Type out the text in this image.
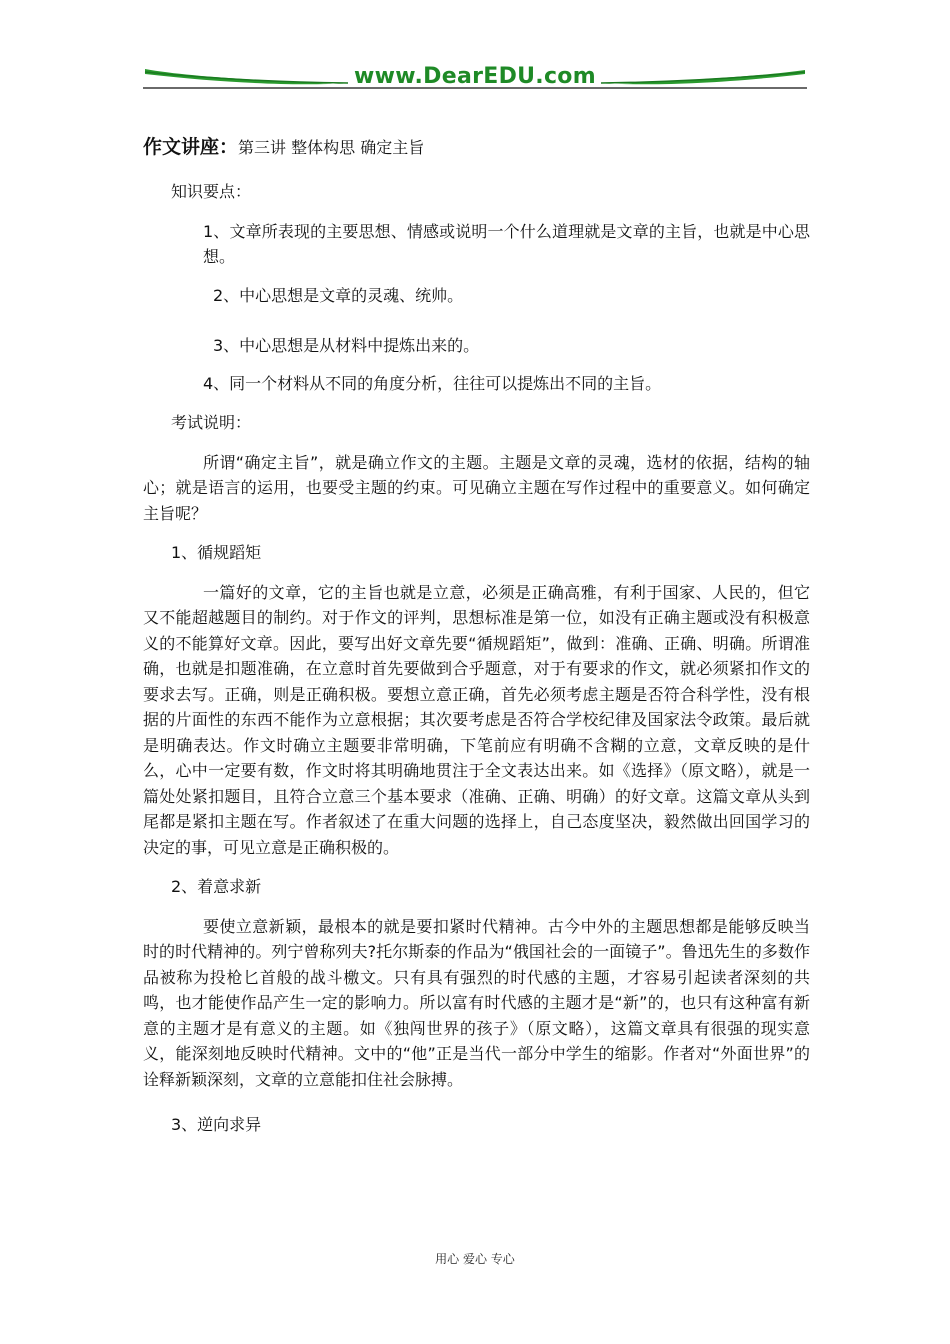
www.DearEDU.com
作文讲座：第三讲 整体构思 确定主旨

知识要点：

1、文章所表现的主要思想、情感或说明一个什么道理就是文章的主旨，也就是中心思想。

2、中心思想是文章的灵魂、统帅。

3、中心思想是从材料中提炼出来的。

4、同一个材料从不同的角度分析，往往可以提炼出不同的主旨。

考试说明：

所谓“确定主旨”，就是确立作文的主题。主题是文章的灵魂，选材的依据，结构的轴心；就是语言的运用，也要受主题的约束。可见确立主题在写作过程中的重要意义。如何确定主旨呢？

1、循规蹈矩

一篇好的文章，它的主旨也就是立意，必须是正确高雅，有利于国家、人民的，但它又不能超越题目的制约。对于作文的评判，思想标准是第一位，如没有正确主题或没有积极意义的不能算好文章。因此，要写出好文章先要“循规蹈矩”，做到：准确、正确、明确。所谓准确，也就是扣题准确，在立意时首先要做到合乎题意，对于有要求的作文，就必须紧扣作文的要求去写。正确，则是正确积极。要想立意正确，首先必须考虑主题是否符合科学性，没有根据的片面性的东西不能作为立意根据；其次要考虑是否符合学校纪律及国家法令政策。最后就是明确表达。作文时确立主题要非常明确，下笔前应有明确不含糊的立意，文章反映的是什么，心中一定要有数，作文时将其明确地贯注于全文表达出来。如《选择》（原文略），就是一篇处处紧扣题目，且符合立意三个基本要求（准确、正确、明确）的好文章。这篇文章从头到尾都是紧扣主题在写。作者叙述了在重大问题的选择上，自己态度坚决，毅然做出回国学习的决定的事，可见立意是正确积极的。

2、着意求新

要使立意新颖，最根本的就是要扣紧时代精神。古今中外的主题思想都是能够反映当时的时代精神的。列宁曾称列夫?托尔斯泰的作品为“俄国社会的一面镜子”。鲁迅先生的多数作品被称为投枪匕首般的战斗檄文。只有具有强烈的时代感的主题，才容易引起读者深刻的共鸣，也才能使作品产生一定的影响力。所以富有时代感的主题才是“新”的，也只有这种富有新意的主题才是有意义的主题。如《独闯世界的孩子》（原文略），这篇文章具有很强的现实意义，能深刻地反映时代精神。文中的“他”正是当代一部分中学生的缩影。作者对“外面世界”的诠释新颖深刻，文章的立意能扣住社会脉搏。

3、逆向求异

用心 爱心 专心
